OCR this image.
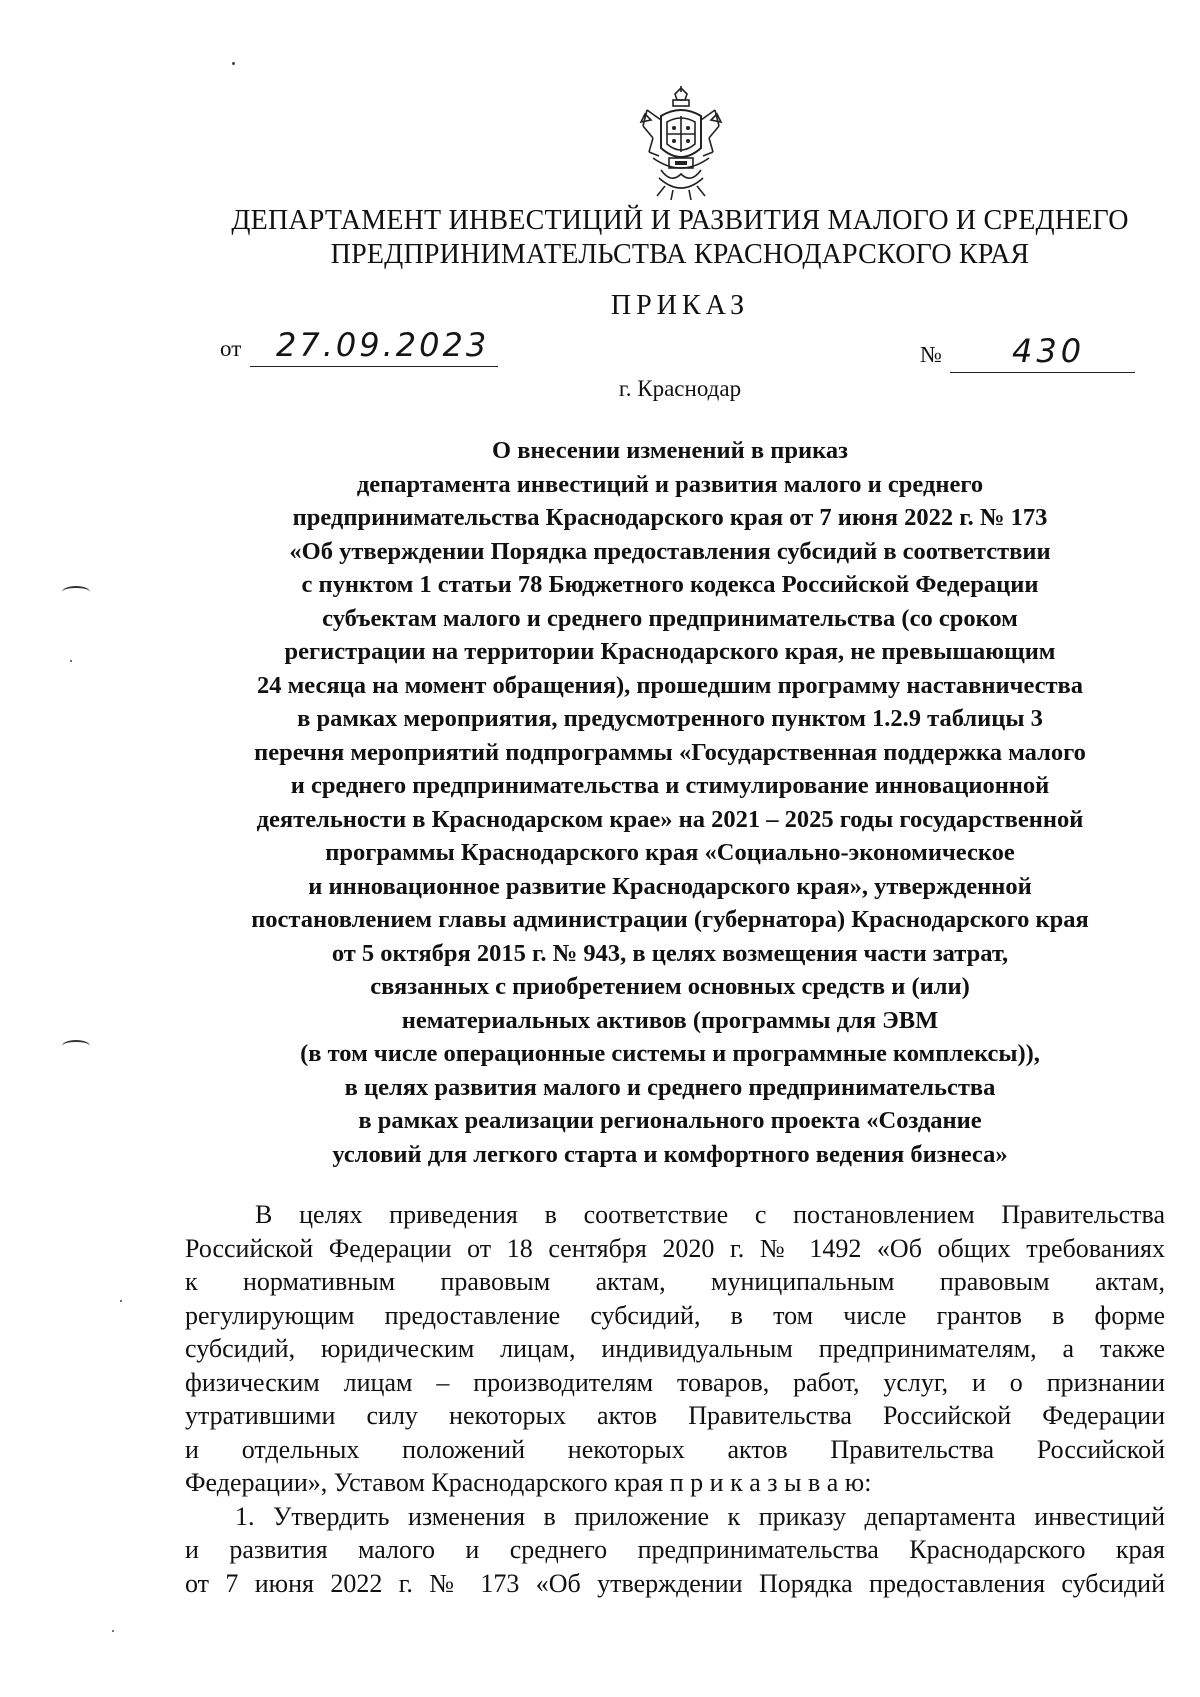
ДЕПАРТАМЕНТ ИНВЕСТИЦИЙ И РАЗВИТИЯ МАЛОГО И СРЕДНЕГО
ПРЕДПРИНИМАТЕЛЬСТВА КРАСНОДАРСКОГО КРАЯ
ПРИКАЗ
от 27.09.2023	№ 430
г. Краснодар
О внесении изменений в приказ
департамента инвестиций и развития малого и среднего
предпринимательства Краснодарского края от 7 июня 2022 г. № 173
«Об утверждении Порядка предоставления субсидий в соответствии
с пунктом 1 статьи 78 Бюджетного кодекса Российской Федерации
субъектам малого и среднего предпринимательства (со сроком
регистрации на территории Краснодарского края, не превышающим
24 месяца на момент обращения), прошедшим программу наставничества
в рамках мероприятия, предусмотренного пунктом 1.2.9 таблицы 3
перечня мероприятий подпрограммы «Государственная поддержка малого
и среднего предпринимательства и стимулирование инновационной
деятельности в Краснодарском крае» на 2021 – 2025 годы государственной
программы Краснодарского края «Социально-экономическое
и инновационное развитие Краснодарского края», утвержденной
постановлением главы администрации (губернатора) Краснодарского края
от 5 октября 2015 г. № 943, в целях возмещения части затрат,
связанных с приобретением основных средств и (или)
нематериальных активов (программы для ЭВМ
(в том числе операционные системы и программные комплексы)),
в целях развития малого и среднего предпринимательства
в рамках реализации регионального проекта «Создание
условий для легкого старта и комфортного ведения бизнеса»
В целях приведения в соответствие с постановлением Правительства
Российской Федерации от 18 сентября 2020 г. № 1492 «Об общих требованиях
к нормативным правовым актам, муниципальным правовым актам,
регулирующим предоставление субсидий, в том числе грантов в форме
субсидий, юридическим лицам, индивидуальным предпринимателям, а также
физическим лицам – производителям товаров, работ, услуг, и о признании
утратившими силу некоторых актов Правительства Российской Федерации
и отдельных положений некоторых актов Правительства Российской
Федерации», Уставом Краснодарского края п р и к а з ы в а ю:
1. Утвердить изменения в приложение к приказу департамента инвестиций
и развития малого и среднего предпринимательства Краснодарского края
от 7 июня 2022 г. № 173 «Об утверждении Порядка предоставления субсидий
